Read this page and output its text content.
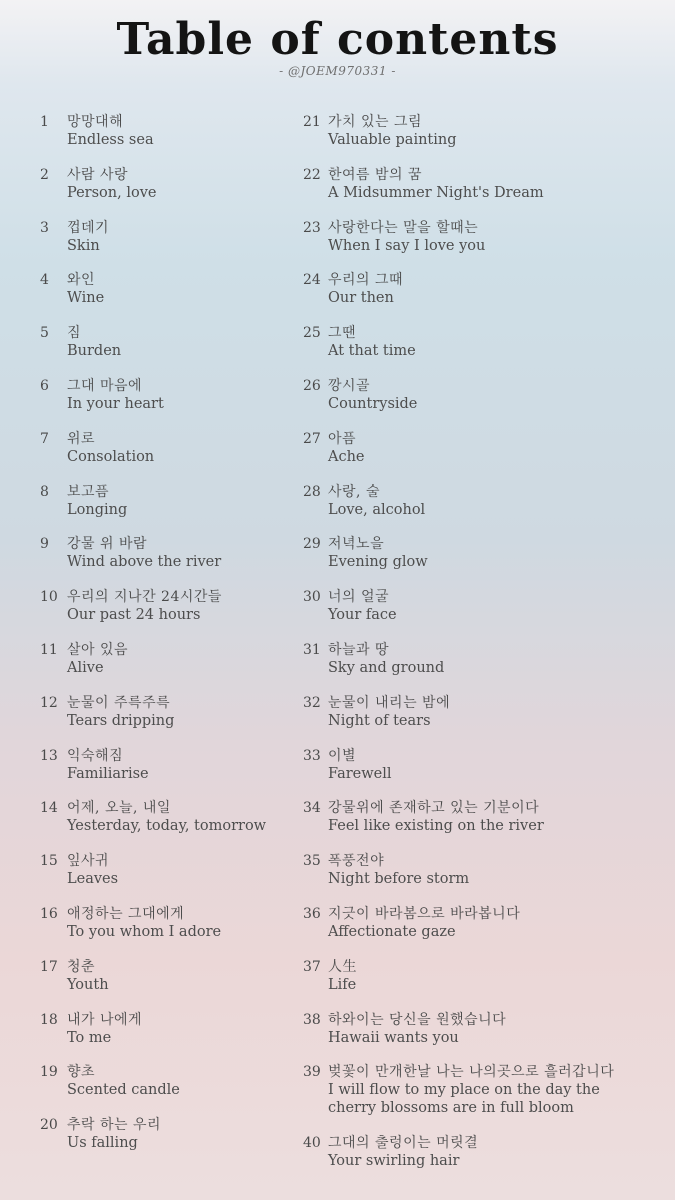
Table of contents
- @JOEM970331 -
1 망망대해
Endless sea
2 사람 사랑
Person, love
3 껍데기
Skin
4 와인
Wine
5 짐
Burden
6 그대 마음에
In your heart
7 위로
Consolation
8 보고픔
Longing
9 강물 위 바람
Wind above the river
10 우리의 지나간 24시간들
Our past 24 hours
11 살아 있음
Alive
12 눈물이 주륵주륵
Tears dripping
13 익숙해짐
Familiarise
14 어제, 오늘, 내일
Yesterday, today, tomorrow
15 잎사귀
Leaves
16 애정하는 그대에게
To you whom I adore
17 청춘
Youth
18 내가 나에게
To me
19 향초
Scented candle
20 추락 하는 우리
Us falling
21 가치 있는 그림
Valuable painting
22 한여름 밤의 꿈
A Midsummer Night's Dream
23 사랑한다는 말을 할때는
When I say I love you
24 우리의 그때
Our then
25 그땐
At that time
26 깡시골
Countryside
27 아픔
Ache
28 사랑, 술
Love, alcohol
29 저녁노을
Evening glow
30 너의 얼굴
Your face
31 하늘과 땅
Sky and ground
32 눈물이 내리는 밤에
Night of tears
33 이별
Farewell
34 강물위에 존재하고 있는 기분이다
Feel like existing on the river
35 폭풍전야
Night before storm
36 지긋이 바라봄으로 바라봅니다
Affectionate gaze
37 人生
Life
38 하와이는 당신을 원했습니다
Hawaii wants you
39 벚꽃이 만개한날 나는 나의곳으로 흘러갑니다
I will flow to my place on the day the cherry blossoms are in full bloom
40 그대의 출렁이는 머릿결
Your swirling hair
